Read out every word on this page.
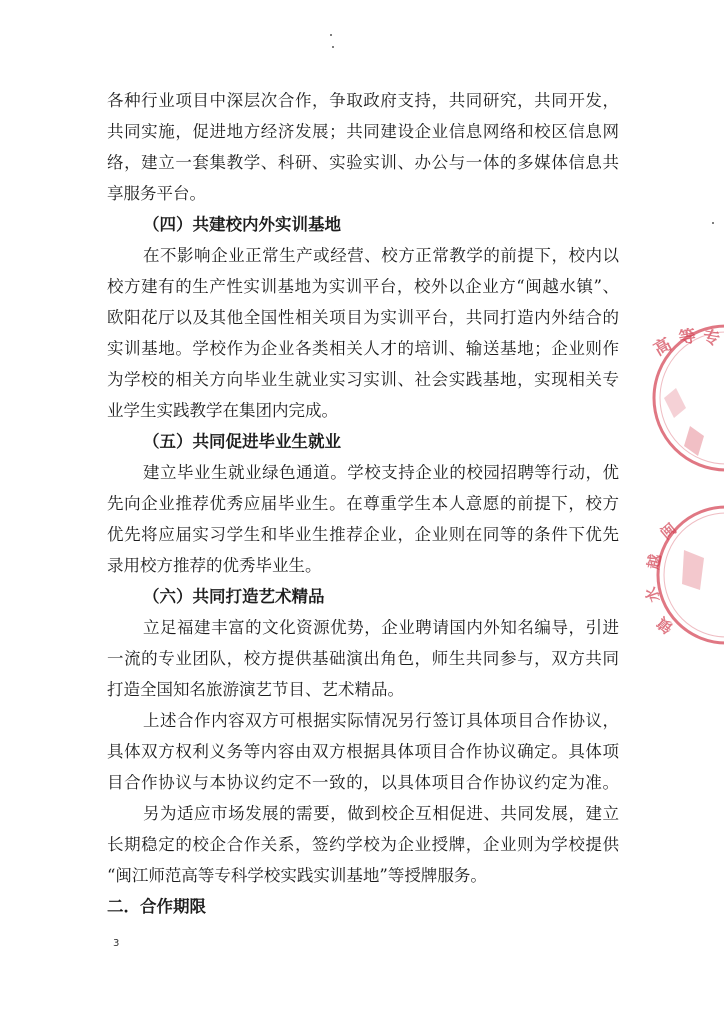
各种行业项目中深层次合作，争取政府支持，共同研究，共同开发，
共同实施，促进地方经济发展；共同建设企业信息网络和校区信息网
络，建立一套集教学、科研、实验实训、办公与一体的多媒体信息共
享服务平台。
（四）共建校内外实训基地
在不影响企业正常生产或经营、校方正常教学的前提下，校内以
校方建有的生产性实训基地为实训平台，校外以企业方“闽越水镇”、
欧阳花厅以及其他全国性相关项目为实训平台，共同打造内外结合的
实训基地。学校作为企业各类相关人才的培训、输送基地；企业则作
为学校的相关方向毕业生就业实习实训、社会实践基地，实现相关专
业学生实践教学在集团内完成。
（五）共同促进毕业生就业
建立毕业生就业绿色通道。学校支持企业的校园招聘等行动，优
先向企业推荐优秀应届毕业生。在尊重学生本人意愿的前提下，校方
优先将应届实习学生和毕业生推荐企业，企业则在同等的条件下优先
录用校方推荐的优秀毕业生。
（六）共同打造艺术精品
立足福建丰富的文化资源优势，企业聘请国内外知名编导，引进
一流的专业团队，校方提供基础演出角色，师生共同参与，双方共同
打造全国知名旅游演艺节目、艺术精品。
上述合作内容双方可根据实际情况另行签订具体项目合作协议，
具体双方权利义务等内容由双方根据具体项目合作协议确定。具体项
目合作协议与本协议约定不一致的，以具体项目合作协议约定为准。
另为适应市场发展的需要，做到校企互相促进、共同发展，建立
长期稳定的校企合作关系，签约学校为企业授牌，企业则为学校提供
“闽江师范高等专科学校实践实训基地”等授牌服务。
二．合作期限
高 等 专
闽
越
水
镇
3
